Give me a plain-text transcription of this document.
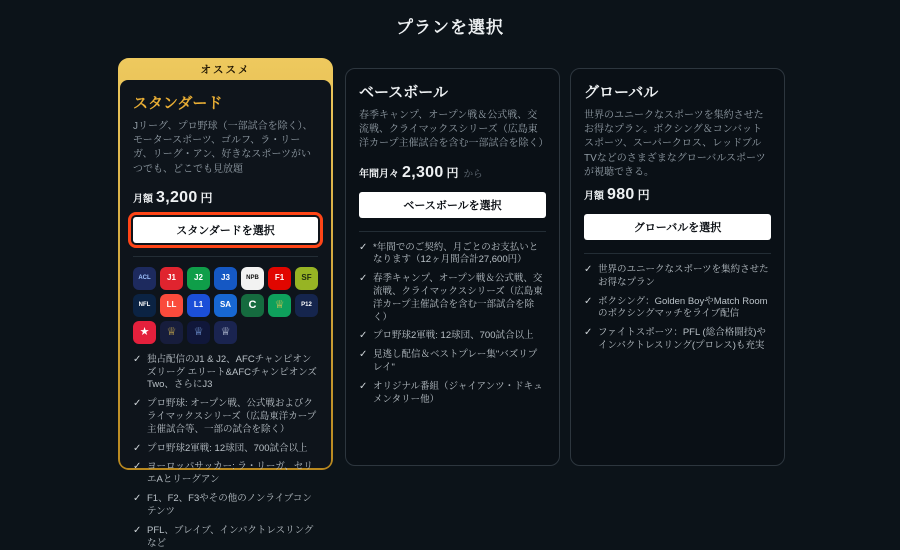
プランを選択
オススメ
スタンダード

Jリーグ、プロ野球（一部試合を除く）、モータースポーツ、ゴルフ、ラ・リーガ、リーグ・アン、好きなスポーツがいつでも、どこでも見放題

月額 3,200 円
スタンダードを選択
ACL J1 J2 J3	NPB F1 SF
NFL LL L1 SA C ♕	P12
★ ♕ ♕ ♕
✓ 独占配信のJ1 & J2、AFCチャンピオンズリーグ エリート&AFCチャンピオンズTwo、さらにJ3
✓ プロ野球: オープン戦、公式戦およびクライマックスシリーズ（広島東洋カープ主催試合等、一部の試合を除く）
✓ プロ野球2軍戦: 12球団、700試合以上
✓ ヨーロッパサッカー: ラ・リーガ、セリエAとリーグアン
✓ F1、F2、F3やその他のノンライブコンテンツ
✓ PFL、ブレイブ、インパクトレスリングなど
ベースボール

春季キャンプ、オープン戦＆公式戦、交流戦、クライマックスシリーズ（広島東洋カープ主催試合を含む一部試合を除く）

年間月々 2,300 円 から
ベースボールを選択
✓ *年間でのご契約、月ごとのお支払いとなります（12ヶ月間合計27,600円）
✓ 春季キャンプ、オープン戦＆公式戦、交流戦、クライマックスシリーズ（広島東洋カープ主催試合を含む一部試合を除く）
✓ プロ野球2軍戦: 12球団、700試合以上
✓ 見逃し配信＆ベストプレー集"バズリプレイ"
✓ オリジナル番組（ジャイアンツ・ドキュメンタリー他）
グローバル

世界のユニークなスポーツを集約させたお得なプラン。ボクシング＆コンバットスポーツ、スーパークロス、レッドブルTVなどのさまざまなグローバルスポーツが視聴できる。

月額 980 円
グローバルを選択
✓ 世界のユニークなスポーツを集約させたお得なプラン
✓ ボクシング：Golden BoyやMatch Roomのボクシングマッチをライブ配信
✓ ファイトスポーツ：PFL (総合格闘技)やインパクトレスリング(プロレス)も充実
